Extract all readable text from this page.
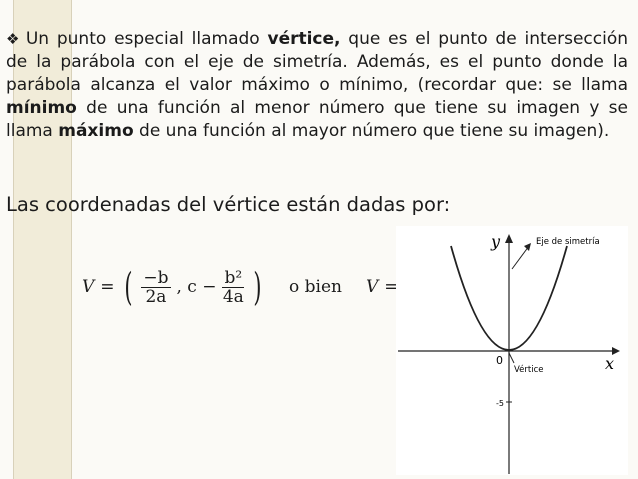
❖ Un punto especial llamado vértice, que es el punto de intersección de la parábola con el eje de simetría. Además, es el punto donde la parábola alcanza el valor máximo o mínimo, (recordar que: se llama mínimo de una función al menor número que tiene su imagen y se llama máximo de una función al mayor número que tiene su imagen).
Las coordenadas del vértice están dadas por:
V = ( $\frac{-b}{2a}$ , $c - \frac{\text{b²}}{4a}$ ) o bien V = (xᵥ, yᵥ)
y
x
Eje de simetría
0
Vértice
-5
